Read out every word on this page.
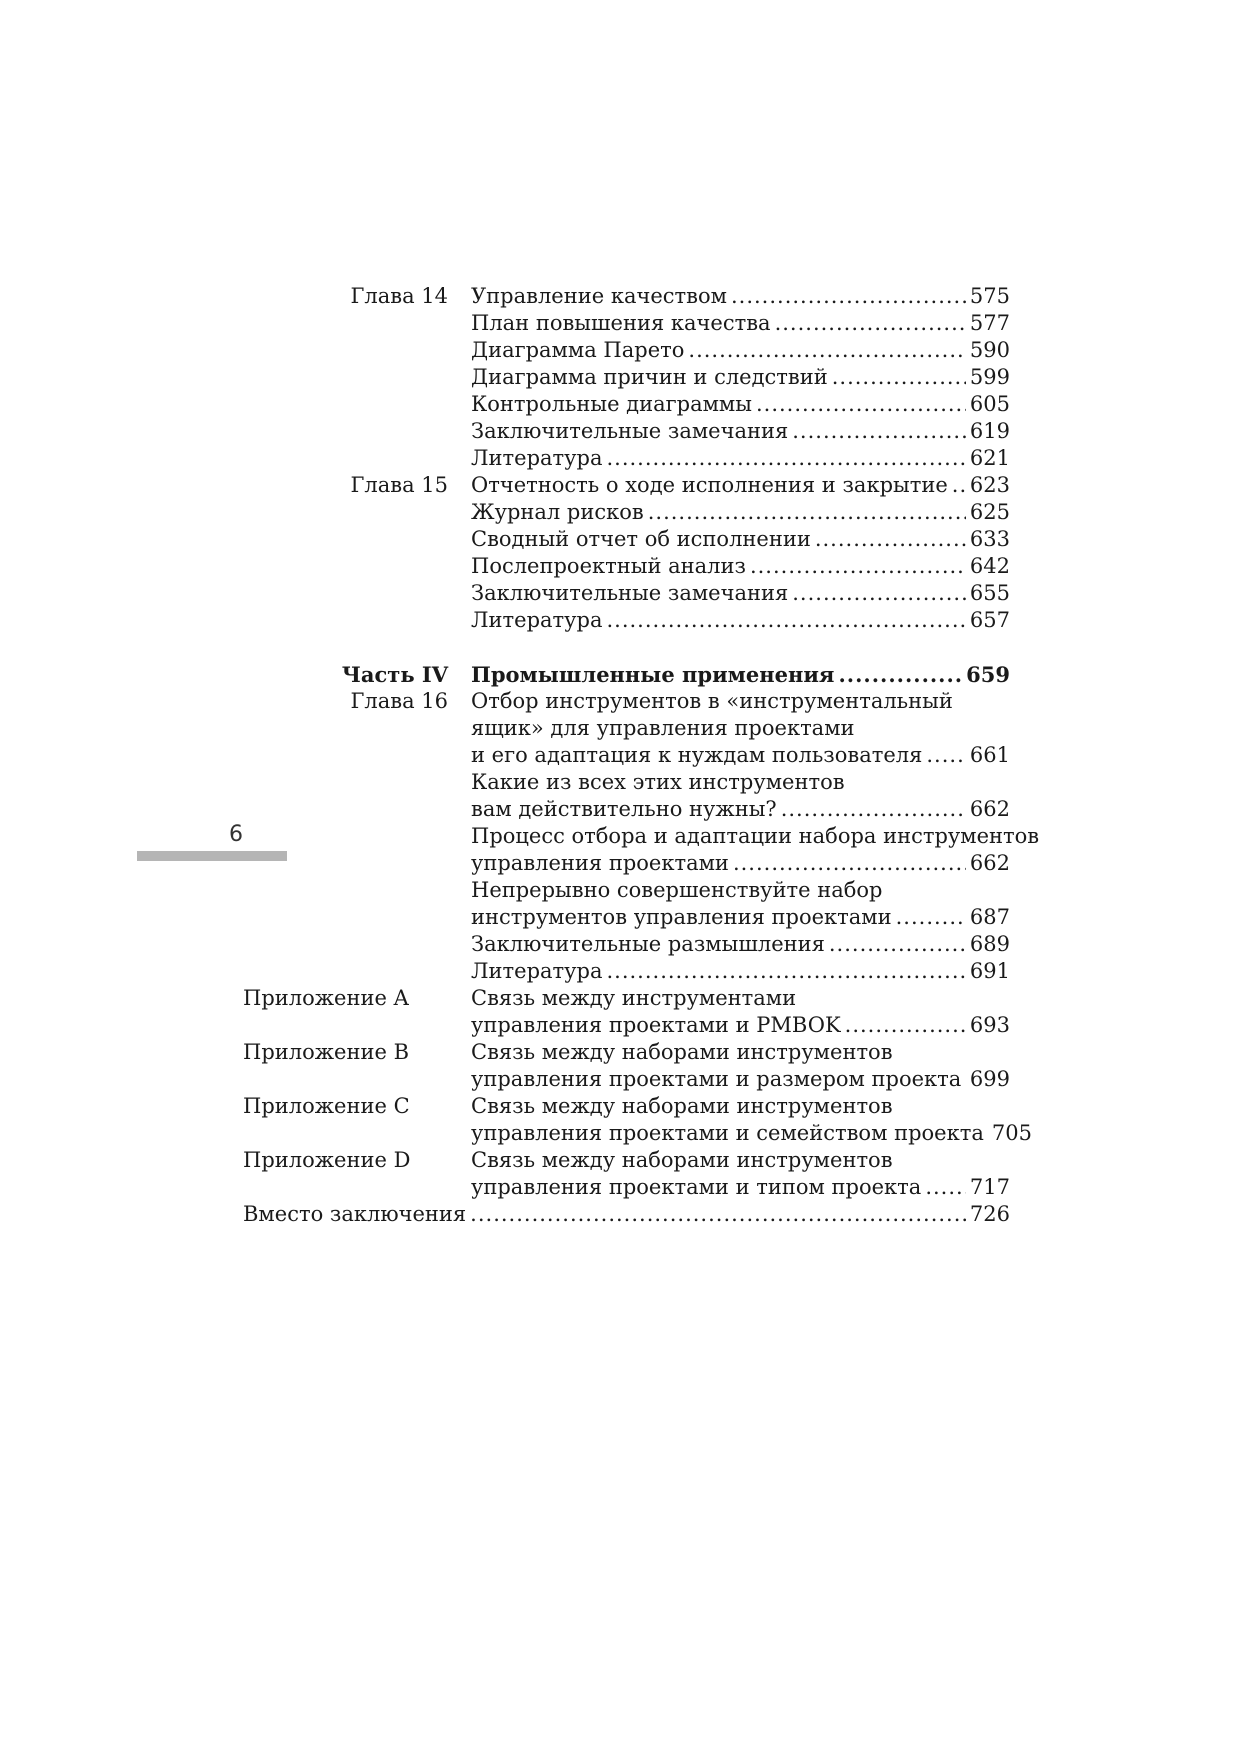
Глава 14 Управление качеством .....	575
План повышения качества .....	577
Диаграмма Парето .....	590
Диаграмма причин и следствий .....	599
Контрольные диаграммы .....	605
Заключительные замечания .....	619
Литература .....	621
Глава 15 Отчетность о ходе исполнения и закрытие ..... 623
Журнал рисков .....	625
Сводный отчет об исполнении .....	633
Послепроектный анализ .....	642
Заключительные замечания .....	655
Литература .....	657
Часть IV Промышленные применения .....	659
Глава 16 Отбор инструментов в «инструментальный
ящик» для управления проектами
и его адаптация к нуждам пользователя ..... 661
Какие из всех этих инструментов
вам действительно нужны? .....	662
Процесс отбора и адаптации набора инструментов
управления проектами .....	662
Непрерывно совершенствуйте набор
инструментов управления проектами .....	687
Заключительные размышления .....	689
Литература .....	691
Приложение A	Связь между инструментами
управления проектами и PMBOK .....	693
Приложение B	Связь между наборами инструментов
управления проектами и размером проекта ..... 699
Приложение C	Связь между наборами инструментов
управления проектами и семейством проекта 705
Приложение D	Связь между наборами инструментов
управления проектами и типом проекта ..... 717
Вместо заключения .....	726
6
